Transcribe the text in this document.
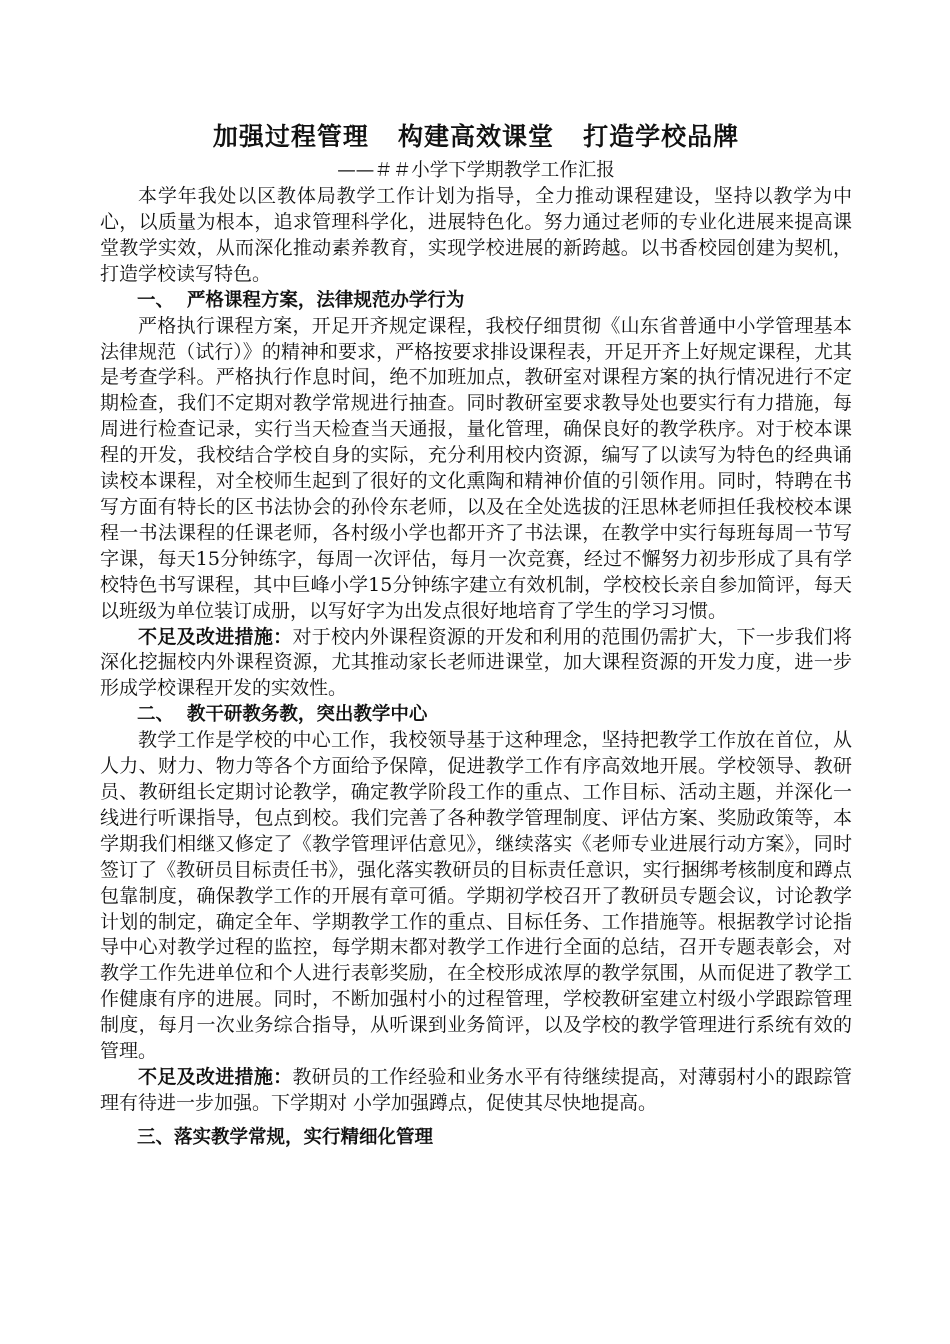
加强过程管理   构建高效课堂   打造学校品牌

——＃＃小学下学期教学工作汇报

本学年我处以区教体局教学工作计划为指导，全力推动课程建设，坚持以教学为中心，以质量为根本，追求管理科学化，进展特色化。努力通过老师的专业化进展来提高课堂教学实效，从而深化推动素养教育，实现学校进展的新跨越。以书香校园创建为契机，打造学校读写特色。

一、  严格课程方案，法律规范办学行为

严格执行课程方案，开足开齐规定课程，我校仔细贯彻《山东省普通中小学管理基本法律规范（试行）》的精神和要求，严格按要求排设课程表，开足开齐上好规定课程，尤其是考查学科。严格执行作息时间，绝不加班加点，教研室对课程方案的执行情况进行不定期检查，我们不定期对教学常规进行抽查。同时教研室要求教导处也要实行有力措施，每周进行检查记录，实行当天检查当天通报，量化管理，确保良好的教学秩序。对于校本课程的开发，我校结合学校自身的实际，充分利用校内资源，编写了以读写为特色的经典诵读校本课程，对全校师生起到了很好的文化熏陶和精神价值的引领作用。同时，特聘在书写方面有特长的区书法协会的孙伶东老师，以及在全处选拔的汪思林老师担任我校校本课程一书法课程的任课老师，各村级小学也都开齐了书法课，在教学中实行每班每周一节写字课，每天15分钟练字，每周一次评估，每月一次竞赛，经过不懈努力初步形成了具有学校特色书写课程，其中巨峰小学15分钟练字建立有效机制，学校校长亲自参加简评，每天以班级为单位装订成册，以写好字为出发点很好地培育了学生的学习习惯。

不足及改进措施：对于校内外课程资源的开发和利用的范围仍需扩大，下一步我们将深化挖掘校内外课程资源，尤其推动家长老师进课堂，加大课程资源的开发力度，进一步形成学校课程开发的实效性。

二、  教干研教务教，突出教学中心

教学工作是学校的中心工作，我校领导基于这种理念，坚持把教学工作放在首位，从人力、财力、物力等各个方面给予保障，促进教学工作有序高效地开展。学校领导、教研员、教研组长定期讨论教学，确定教学阶段工作的重点、工作目标、活动主题，并深化一线进行听课指导，包点到校。我们完善了各种教学管理制度、评估方案、奖励政策等，本学期我们相继又修定了《教学管理评估意见》，继续落实《老师专业进展行动方案》，同时签订了《教研员目标责任书》，强化落实教研员的目标责任意识，实行捆绑考核制度和蹲点包靠制度，确保教学工作的开展有章可循。学期初学校召开了教研员专题会议，讨论教学计划的制定，确定全年、学期教学工作的重点、目标任务、工作措施等。根据教学讨论指导中心对教学过程的监控，每学期末都对教学工作进行全面的总结，召开专题表彰会，对教学工作先进单位和个人进行表彰奖励，在全校形成浓厚的教学氛围，从而促进了教学工作健康有序的进展。同时，不断加强村小的过程管理，学校教研室建立村级小学跟踪管理制度，每月一次业务综合指导，从听课到业务简评，以及学校的教学管理进行系统有效的管理。

不足及改进措施：教研员的工作经验和业务水平有待继续提高，对薄弱村小的跟踪管理有待进一步加强。下学期对 小学加强蹲点，促使其尽快地提高。

三、落实教学常规，实行精细化管理
